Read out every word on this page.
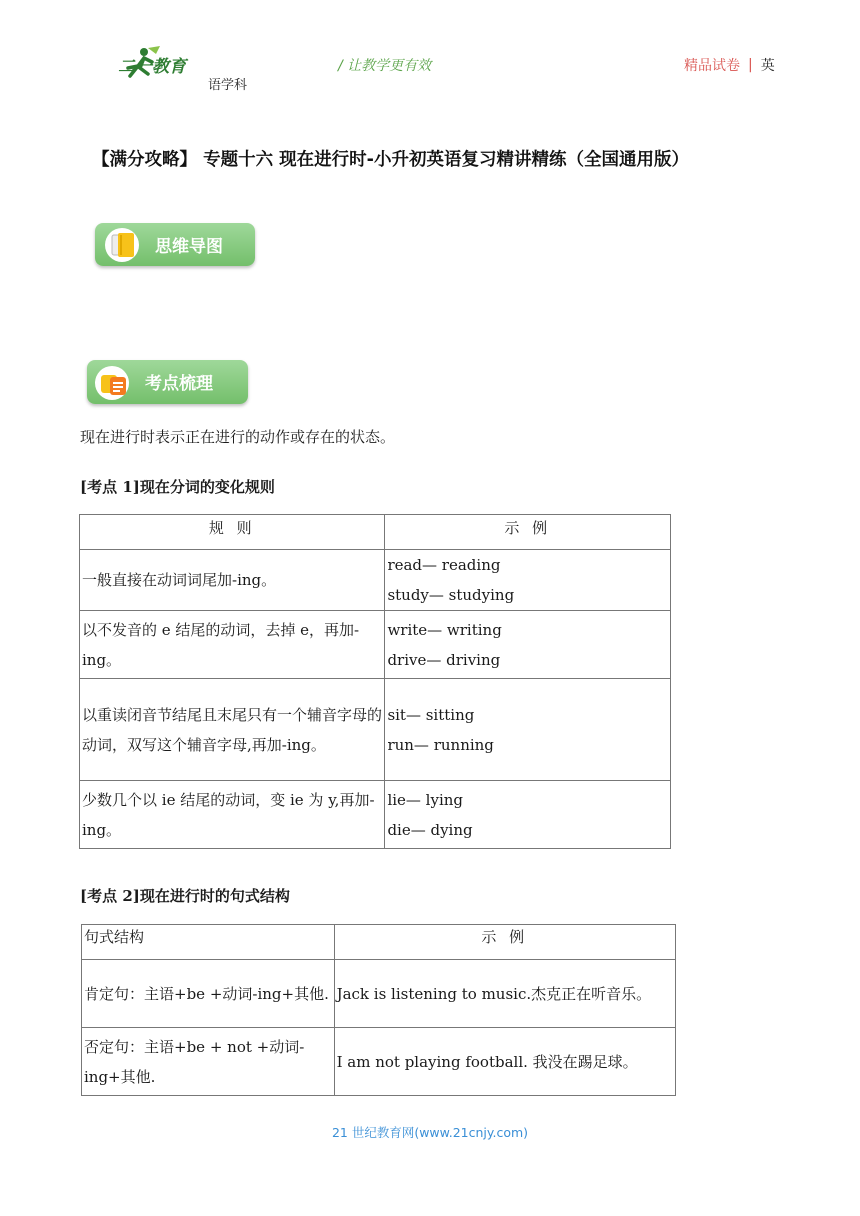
二一教育
语学科
/ 让教学更有效	精品试卷 | 英
【满分攻略】 专题十六 现在进行时-小升初英语复习精讲精练（全国通用版）
思维导图
考点梳理
现在进行时表示正在进行的动作或存在的状态。
[考点 1]现在分词的变化规则
规 则	示 例
一般直接在动词词尾加-ing。	read— reading
study— studying

以不发音的 e 结尾的动词，去掉 e，再加-ing。	write— writing
drive— driving

以重读闭音节结尾且末尾只有一个辅音字母的动词，双写这个辅音字母,再加-ing。	sit— sitting
run— running

少数几个以 ie 结尾的动词，变 ie 为 y,再加-ing。	lie— lying
die— dying
[考点 2]现在进行时的句式结构
句式结构	示 例
肯定句：主语+be +动词-ing+其他.	Jack is listening to music.杰克正在听音乐。
否定句：主语+be + not +动词-ing+其他.	I am not playing football. 我没在踢足球。
21 世纪教育网(www.21cnjy.com)
